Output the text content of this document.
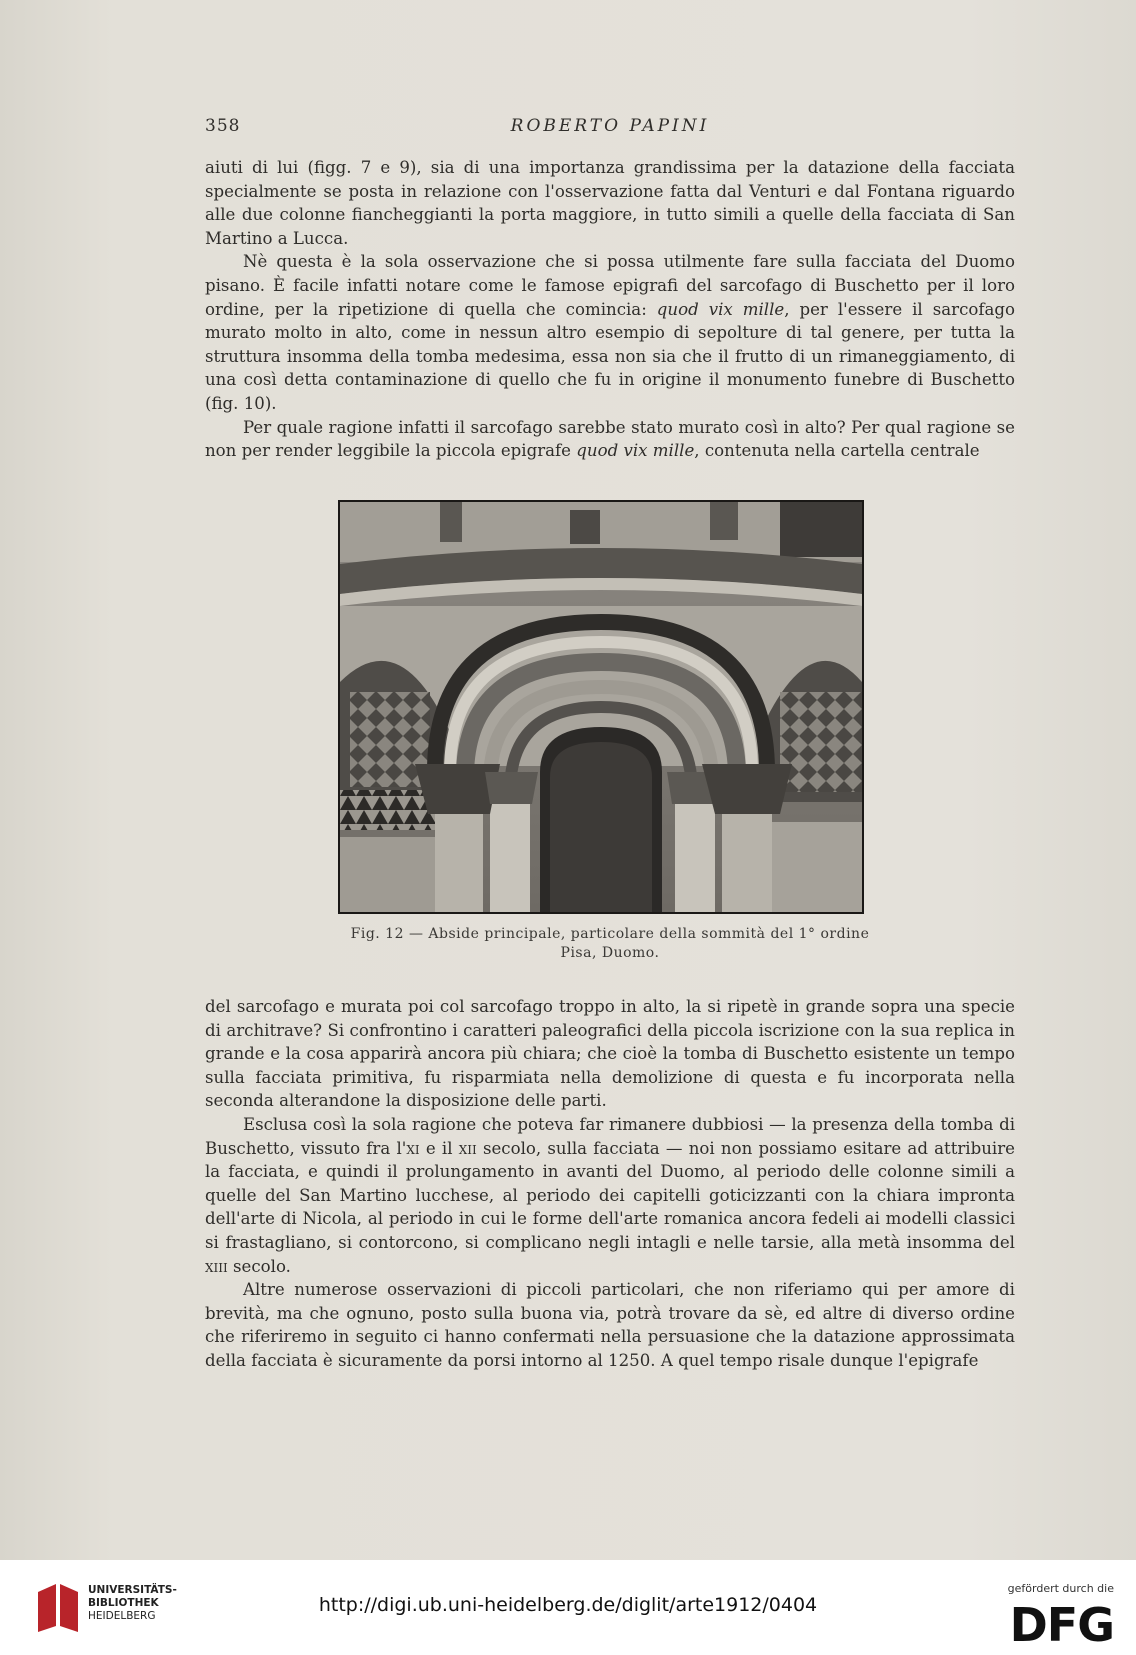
358	ROBERTO PAPINI

aiuti di lui (figg. 7 e 9), sia di una importanza grandissima per la datazione della facciata specialmente se posta in relazione con l'osservazione fatta dal Venturi e dal Fontana riguardo alle due colonne fiancheggianti la porta maggiore, in tutto simili a quelle della facciata di San Martino a Lucca.

Nè questa è la sola osservazione che si possa utilmente fare sulla facciata del Duomo pisano. È facile infatti notare come le famose epigrafi del sarcofago di Buschetto per il loro ordine, per la ripetizione di quella che comincia: quod vix mille, per l'essere il sarcofago murato molto in alto, come in nessun altro esempio di sepolture di tal genere, per tutta la struttura insomma della tomba medesima, essa non sia che il frutto di un rimaneggiamento, di una così detta contaminazione di quello che fu in origine il monumento funebre di Buschetto (fig. 10).

Per quale ragione infatti il sarcofago sarebbe stato murato così in alto? Per qual ragione se non per render leggibile la piccola epigrafe quod vix mille, contenuta nella cartella centrale

Fig. 12 — Abside principale, particolare della sommità del 1° ordine
Pisa, Duomo.

del sarcofago e murata poi col sarcofago troppo in alto, la si ripetè in grande sopra una specie di architrave? Si confrontino i caratteri paleografici della piccola iscrizione con la sua replica in grande e la cosa apparirà ancora più chiara; che cioè la tomba di Buschetto esistente un tempo sulla facciata primitiva, fu risparmiata nella demolizione di questa e fu incorporata nella seconda alterandone la disposizione delle parti.

Esclusa così la sola ragione che poteva far rimanere dubbiosi — la presenza della tomba di Buschetto, vissuto fra l'xi e il xii secolo, sulla facciata — noi non possiamo esitare ad attribuire la facciata, e quindi il prolungamento in avanti del Duomo, al periodo delle colonne simili a quelle del San Martino lucchese, al periodo dei capitelli goticizzanti con la chiara impronta dell'arte di Nicola, al periodo in cui le forme dell'arte romanica ancora fedeli ai modelli classici si frastagliano, si contorcono, si complicano negli intagli e nelle tarsie, alla metà insomma del xiii secolo.

Altre numerose osservazioni di piccoli particolari, che non riferiamo qui per amore di brevità, ma che ognuno, posto sulla buona via, potrà trovare da sè, ed altre di diverso ordine che riferiremo in seguito ci hanno confermati nella persuasione che la datazione approssimata della facciata è sicuramente da porsi intorno al 1250. A quel tempo risale dunque l'epigrafe

UNIVERSITÄTS-
BIBLIOTHEK
HEIDELBERG	http://digi.ub.uni-heidelberg.de/diglit/arte1912/0404
gefördert durch die
DFG
